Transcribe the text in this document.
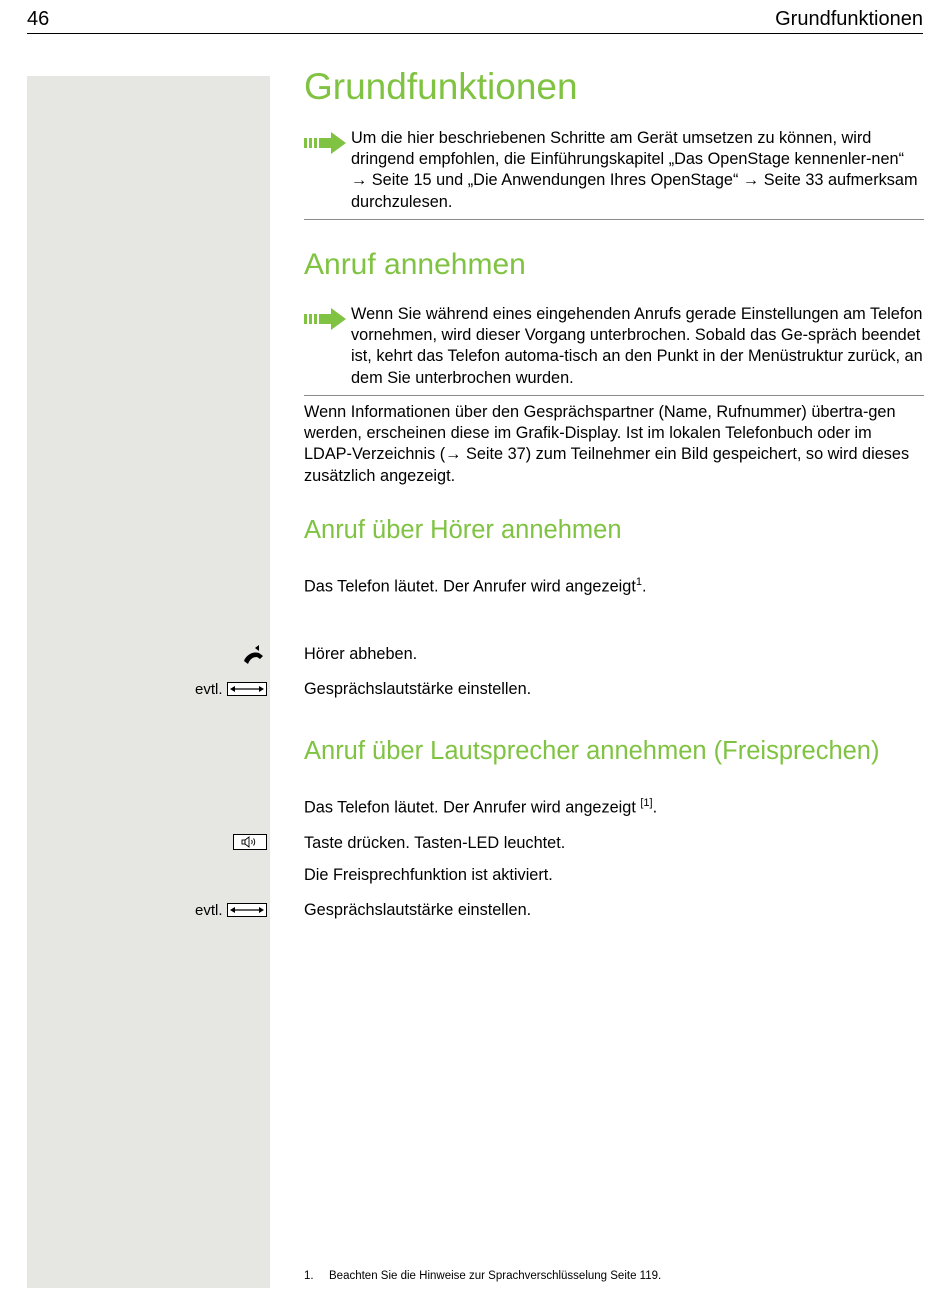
46	Grundfunktionen
Grundfunktionen
Um die hier beschriebenen Schritte am Gerät umsetzen zu können, wird dringend empfohlen, die Einführungskapitel „Das OpenStage kennenler-nen“ → Seite 15 und „Die Anwendungen Ihres OpenStage“ → Seite 33 aufmerksam durchzulesen.
Anruf annehmen
Wenn Sie während eines eingehenden Anrufs gerade Einstellungen am Telefon vornehmen, wird dieser Vorgang unterbrochen. Sobald das Ge-spräch beendet ist, kehrt das Telefon automa-tisch an den Punkt in der Menüstruktur zurück, an dem Sie unterbrochen wurden.
Wenn Informationen über den Gesprächspartner (Name, Rufnummer) übertra-gen werden, erscheinen diese im Grafik-Display. Ist im lokalen Telefonbuch oder im LDAP-Verzeichnis (→ Seite 37) zum Teilnehmer ein Bild gespeichert, so wird dieses zusätzlich angezeigt.
Anruf über Hörer annehmen
Das Telefon läutet. Der Anrufer wird angezeigt$^1$.
Hörer abheben.
evtl.	Gesprächslautstärke einstellen.
Anruf über Lautsprecher annehmen (Freisprechen)
Das Telefon läutet. Der Anrufer wird angezeigt [1].
Taste drücken. Tasten-LED leuchtet.
Die Freisprechfunktion ist aktiviert.
evtl.	Gesprächslautstärke einstellen.
1. Beachten Sie die Hinweise zur Sprachverschlüsselung Seite 119.
